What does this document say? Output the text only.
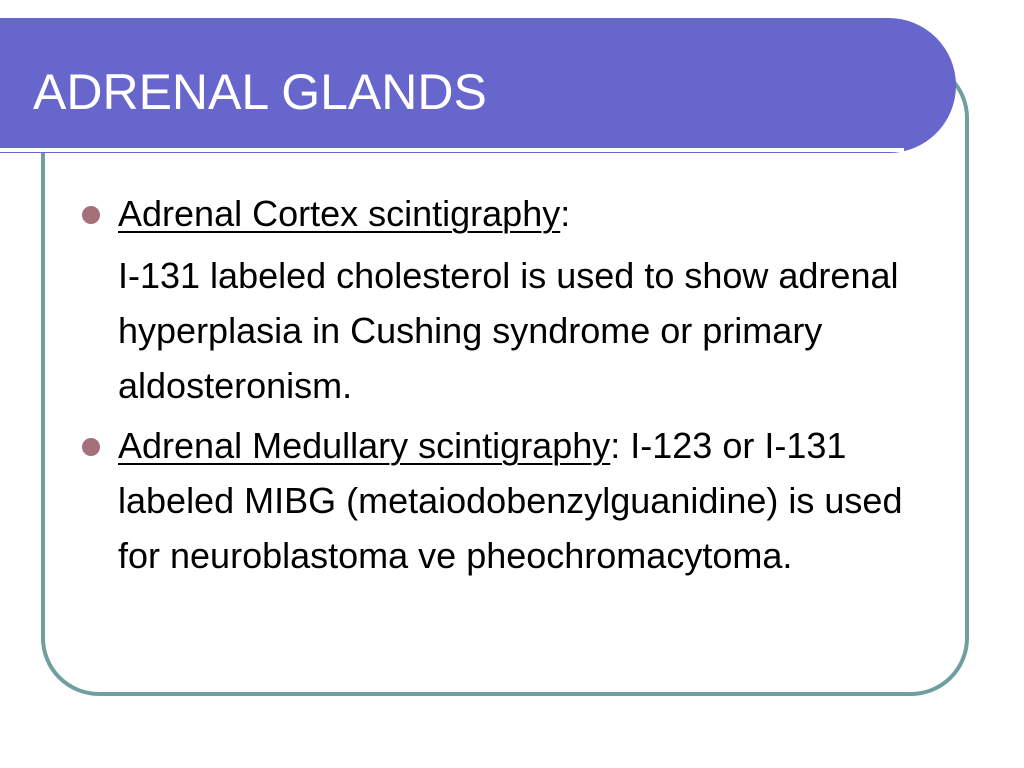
ADRENAL GLANDS

Adrenal Cortex scintigraphy:

I-131 labeled cholesterol is used to show adrenal hyperplasia in Cushing syndrome or primary aldosteronism.

Adrenal Medullary scintigraphy: I-123 or I-131 labeled MIBG (metaiodobenzylguanidine) is used for neuroblastoma ve pheochromacytoma.
